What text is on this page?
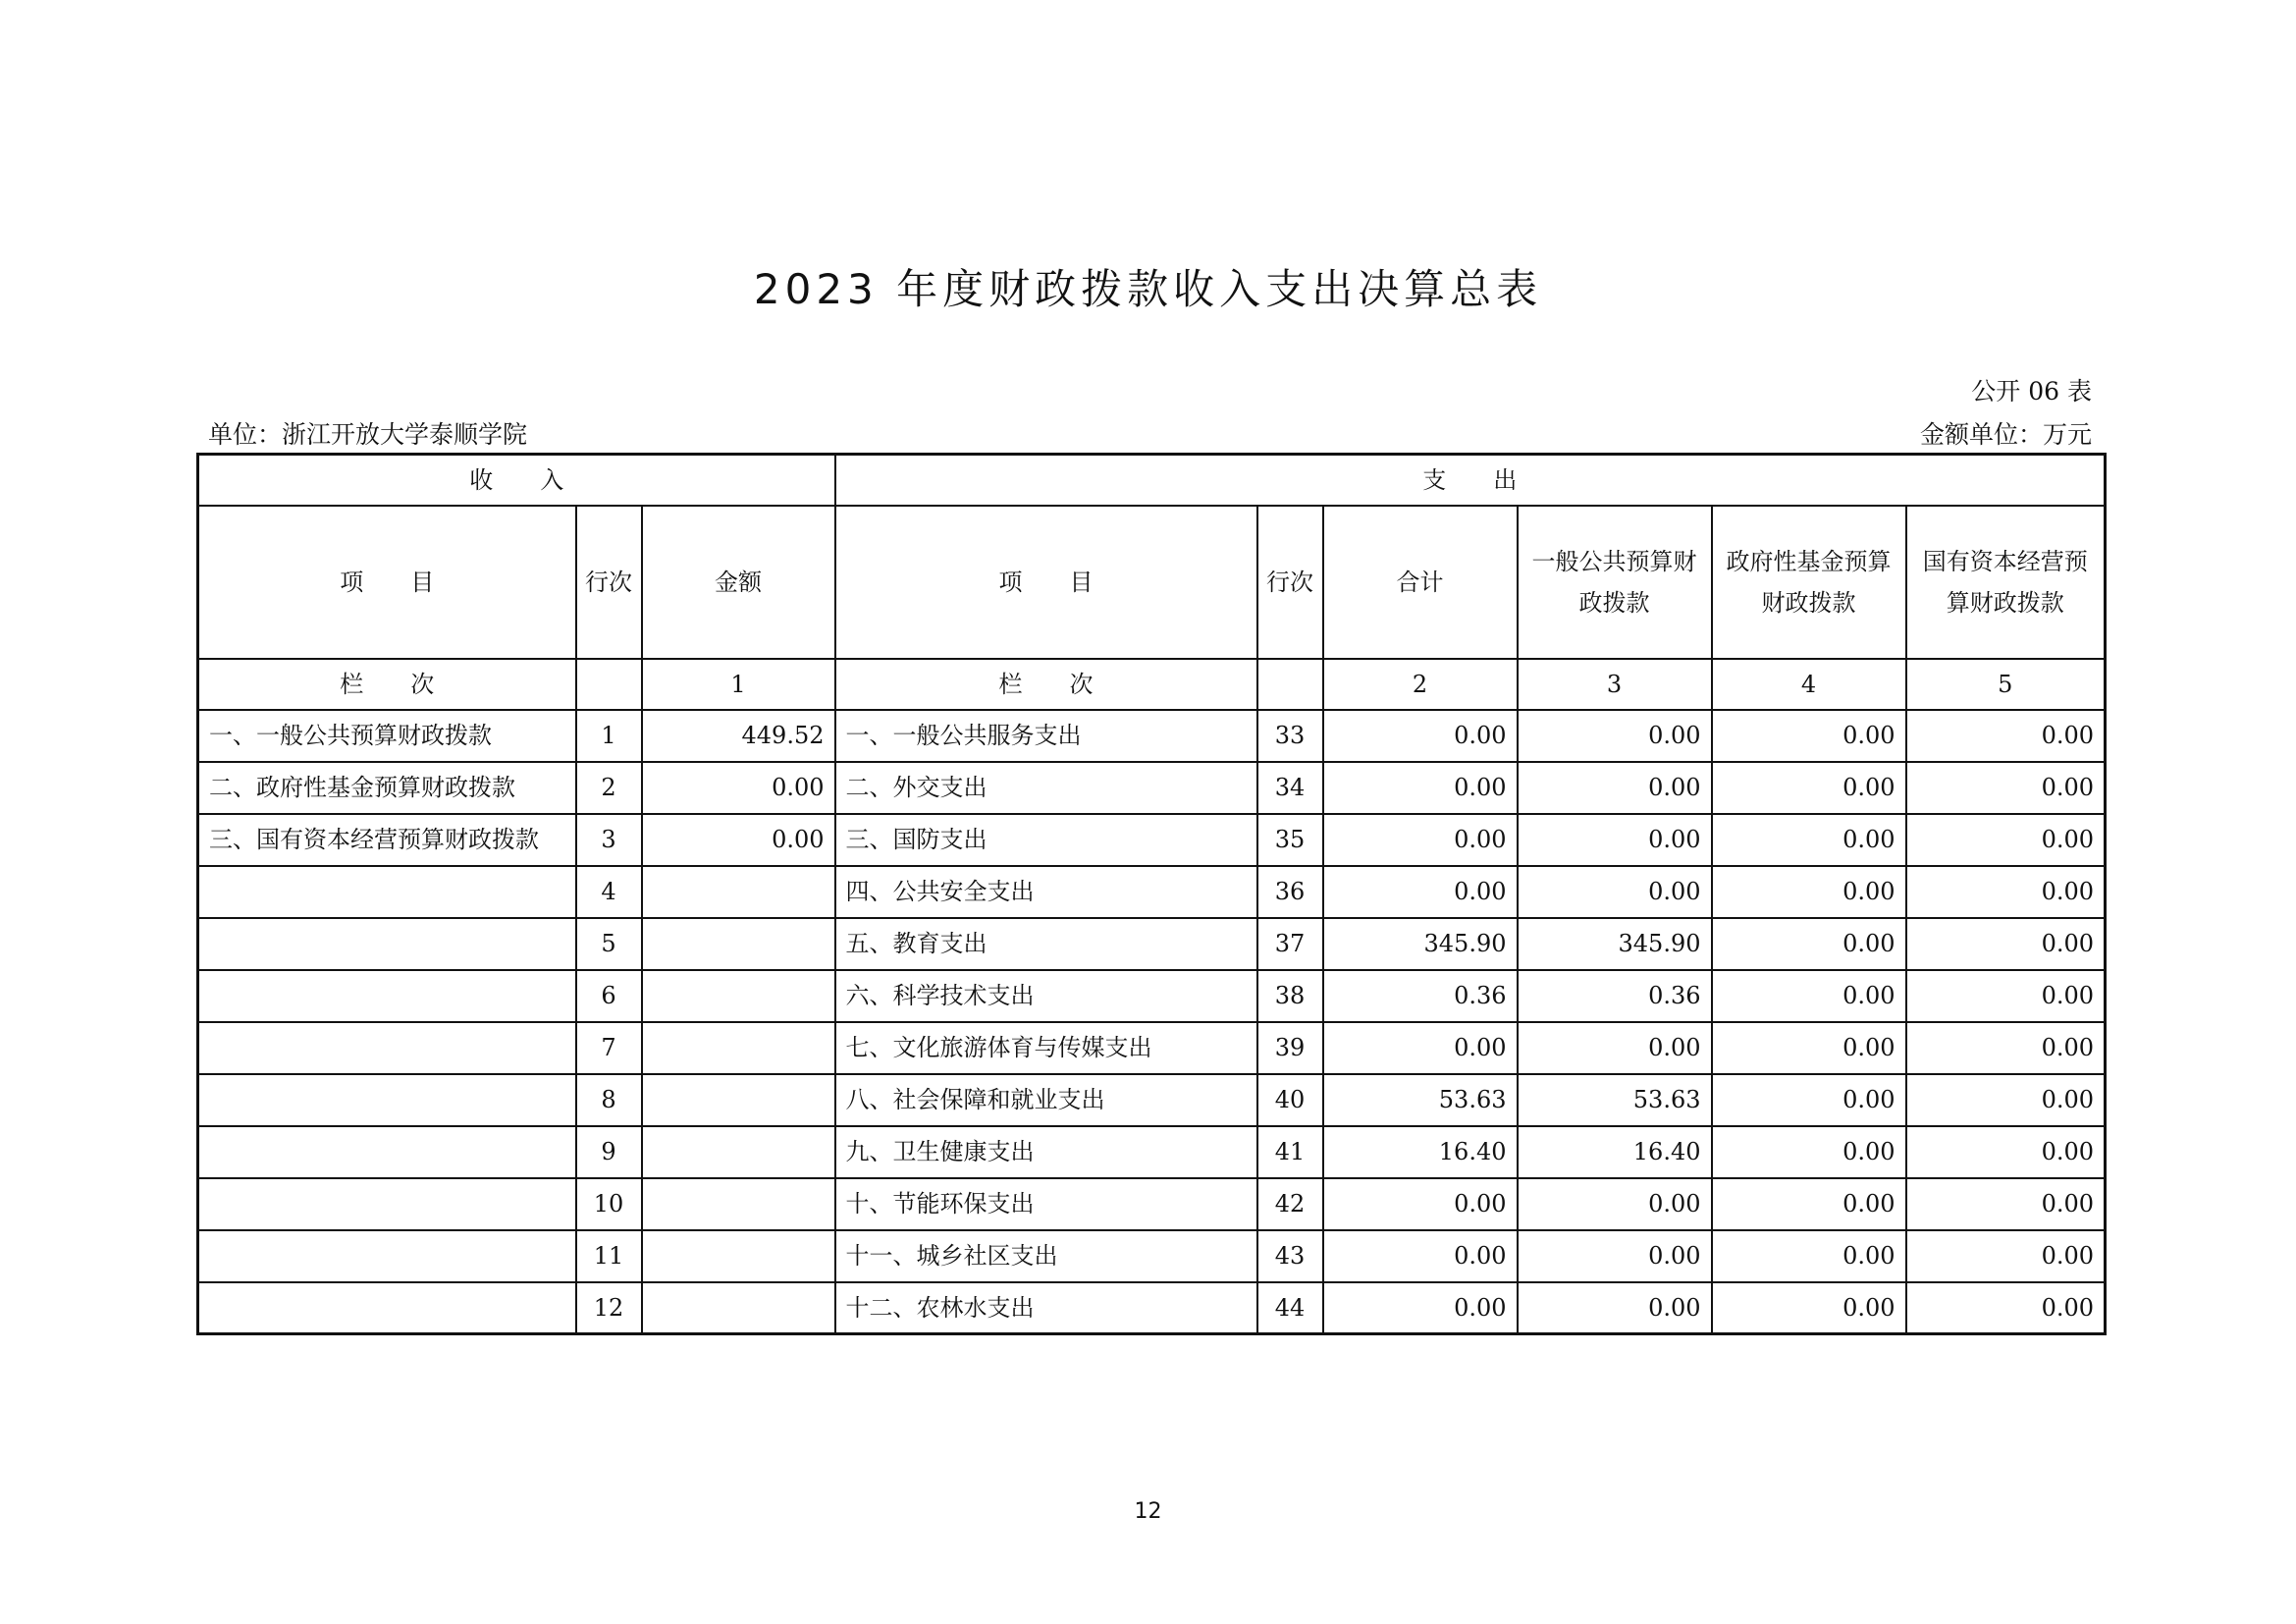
2023 年度财政拨款收入支出决算总表
公开 06 表
单位：浙江开放大学泰顺学院	金额单位：万元
收　　入			支　　出					
项　　目	行次	金额	项　　目	行次	合计	一般公共预算财政拨款	政府性基金预算财政拨款	国有资本经营预算财政拨款
栏　　次		1	栏　　次		2	3	4	5
一、一般公共预算财政拨款	1	449.52	一、一般公共服务支出	33	0.00	0.00	0.00	0.00
二、政府性基金预算财政拨款	2	0.00	二、外交支出	34	0.00	0.00	0.00	0.00
三、国有资本经营预算财政拨款	3	0.00	三、国防支出	35	0.00	0.00	0.00	0.00
	4		四、公共安全支出	36	0.00	0.00	0.00	0.00
	5		五、教育支出	37	345.90	345.90	0.00	0.00
	6		六、科学技术支出	38	0.36	0.36	0.00	0.00
	7		七、文化旅游体育与传媒支出	39	0.00	0.00	0.00	0.00
	8		八、社会保障和就业支出	40	53.63	53.63	0.00	0.00
	9		九、卫生健康支出	41	16.40	16.40	0.00	0.00
	10		十、节能环保支出	42	0.00	0.00	0.00	0.00
	11		十一、城乡社区支出	43	0.00	0.00	0.00	0.00
	12		十二、农林水支出	44	0.00	0.00	0.00	0.00
12
